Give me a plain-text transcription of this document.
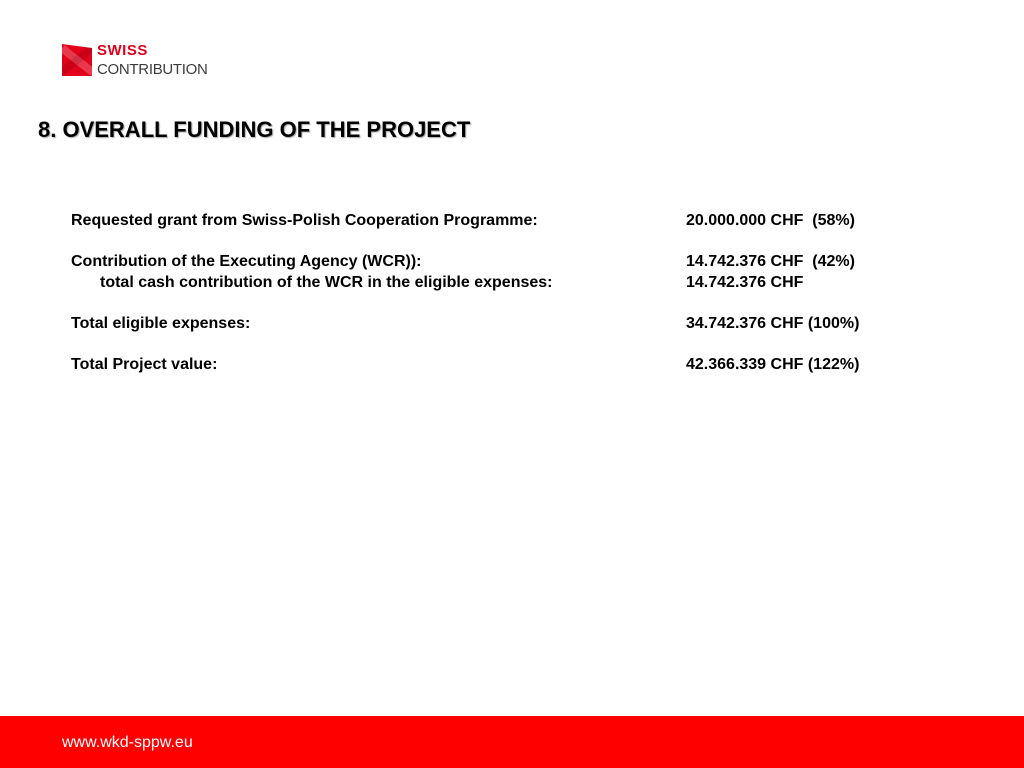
SWISS
CONTRIBUTION
8. OVERALL FUNDING OF THE PROJECT
Requested grant from Swiss-Polish Cooperation Programme:	20.000.000 CHF  (58%)
Contribution of the Executing Agency (WCR)):	14.742.376 CHF  (42%)
total cash contribution of the WCR in the eligible expenses:	14.742.376 CHF
Total eligible expenses:	34.742.376 CHF (100%)
Total Project value:	42.366.339 CHF (122%)
www.wkd-sppw.eu
